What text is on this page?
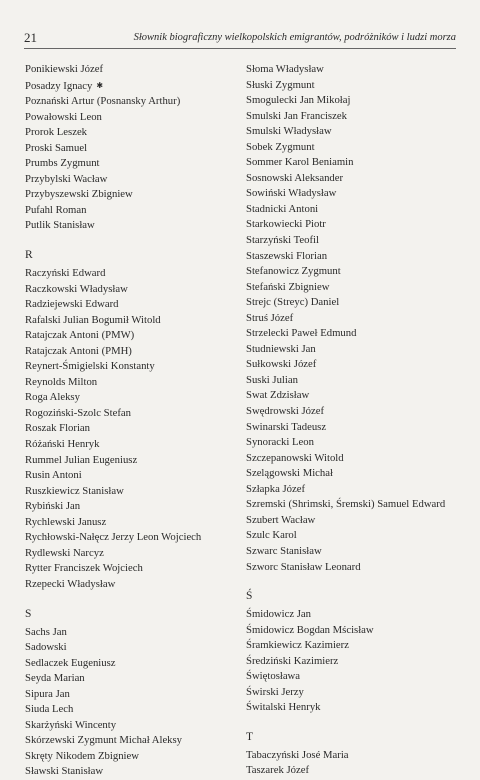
21	Słownik biograficzny wielkopolskich emigrantów, podróżników i ludzi morza
Ponikiewski Józef
Posadzy Ignacy ✱
Poznański Artur (Posnansky Arthur)
Powałowski Leon
Prorok Leszek
Proski Samuel
Prumbs Zygmunt
Przybylski Wacław
Przybyszewski Zbigniew
Pufahl Roman
Putlik Stanisław
R
Raczyński Edward
Raczkowski Władysław
Radziejewski Edward
Rafalski Julian Bogumił Witold
Ratajczak Antoni (PMW)
Ratajczak Antoni (PMH)
Reynert-Śmigielski Konstanty
Reynolds Milton
Roga Aleksy
Rogoziński-Szolc Stefan
Roszak Florian
Różański Henryk
Rummel Julian Eugeniusz
Rusin Antoni
Ruszkiewicz Stanisław
Rybiński Jan
Rychlewski Janusz
Rychłowski-Nałęcz Jerzy Leon Wojciech
Rydlewski Narcyz
Rytter Franciszek Wojciech
Rzepecki Władysław
S
Sachs Jan
Sadowski
Sedlaczek Eugeniusz
Seyda Marian
Sipura Jan
Siuda Lech
Skarżyński Wincenty
Skórzewski Zygmunt Michał Aleksy
Skręty Nikodem Zbigniew
Sławski Stanisław
Słoma Władysław
Słuski Zygmunt
Smogulecki Jan Mikołaj
Smulski Jan Franciszek
Smulski Władysław
Sobek Zygmunt
Sommer Karol Beniamin
Sosnowski Aleksander
Sowiński Władysław
Stadnicki Antoni
Starkowiecki Piotr
Starzyński Teofil
Staszewski Florian
Stefanowicz Zygmunt
Stefański Zbigniew
Strejc (Streyc) Daniel
Struś Józef
Strzelecki Paweł Edmund
Studniewski Jan
Sułkowski Józef
Suski Julian
Swat Zdzisław
Swędrowski Józef
Swinarski Tadeusz
Synoracki Leon
Szczepanowski Witold
Szelągowski Michał
Szłapka Józef
Szremski (Shrimski, Śremski) Samuel Edward
Szubert Wacław
Szulc Karol
Szwarc Stanisław
Szworc Stanisław Leonard
Ś
Śmidowicz Jan
Śmidowicz Bogdan Mścisław
Śramkiewicz Kazimierz
Średziński Kazimierz
Świętosława
Świrski Jerzy
Świtalski Henryk
T
Tabaczyński José Maria
Taszarek Józef
